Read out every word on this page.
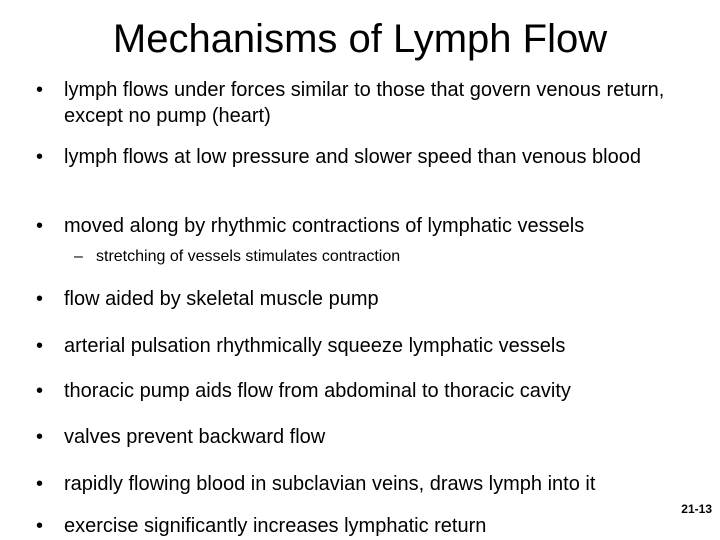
Mechanisms of Lymph Flow
• lymph flows under forces similar to those that govern venous return, except no pump (heart)
• lymph flows at low pressure and slower speed than venous blood
• moved along by rhythmic contractions of lymphatic vessels
– stretching of vessels stimulates contraction
• flow aided by skeletal muscle pump
• arterial pulsation rhythmically squeeze lymphatic vessels
• thoracic pump aids flow from abdominal to thoracic cavity
• valves prevent backward flow
• rapidly flowing blood in subclavian veins, draws lymph into it
• exercise significantly increases lymphatic return
21-13
